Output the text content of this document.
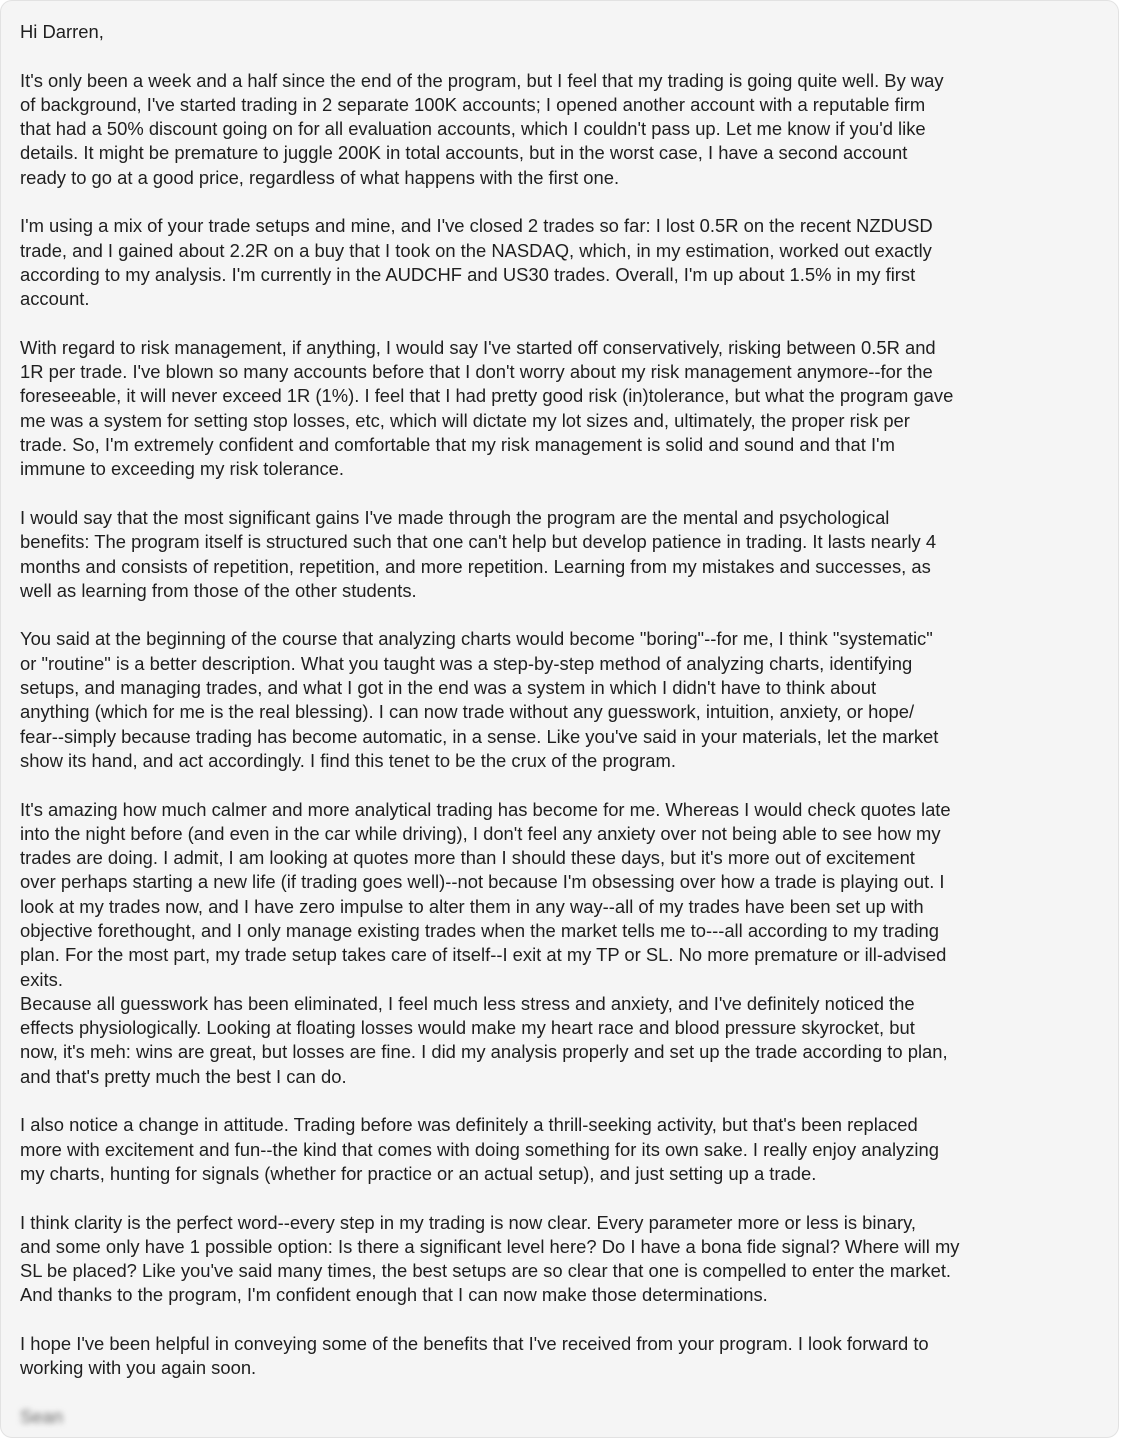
Hi Darren,
It's only been a week and a half since the end of the program, but I feel that my trading is going quite well. By way
of background, I've started trading in 2 separate 100K accounts; I opened another account with a reputable firm
that had a 50% discount going on for all evaluation accounts, which I couldn't pass up. Let me know if you'd like
details. It might be premature to juggle 200K in total accounts, but in the worst case, I have a second account
ready to go at a good price, regardless of what happens with the first one.
I'm using a mix of your trade setups and mine, and I've closed 2 trades so far: I lost 0.5R on the recent NZDUSD
trade, and I gained about 2.2R on a buy that I took on the NASDAQ, which, in my estimation, worked out exactly
according to my analysis. I'm currently in the AUDCHF and US30 trades. Overall, I'm up about 1.5% in my first
account.
With regard to risk management, if anything, I would say I've started off conservatively, risking between 0.5R and
1R per trade. I've blown so many accounts before that I don't worry about my risk management anymore--for the
foreseeable, it will never exceed 1R (1%). I feel that I had pretty good risk (in)tolerance, but what the program gave
me was a system for setting stop losses, etc, which will dictate my lot sizes and, ultimately, the proper risk per
trade. So, I'm extremely confident and comfortable that my risk management is solid and sound and that I'm
immune to exceeding my risk tolerance.
I would say that the most significant gains I've made through the program are the mental and psychological
benefits: The program itself is structured such that one can't help but develop patience in trading. It lasts nearly 4
months and consists of repetition, repetition, and more repetition. Learning from my mistakes and successes, as
well as learning from those of the other students.
You said at the beginning of the course that analyzing charts would become "boring"--for me, I think "systematic"
or "routine" is a better description. What you taught was a step-by-step method of analyzing charts, identifying
setups, and managing trades, and what I got in the end was a system in which I didn't have to think about
anything (which for me is the real blessing). I can now trade without any guesswork, intuition, anxiety, or hope/
fear--simply because trading has become automatic, in a sense. Like you've said in your materials, let the market
show its hand, and act accordingly. I find this tenet to be the crux of the program.
It's amazing how much calmer and more analytical trading has become for me. Whereas I would check quotes late
into the night before (and even in the car while driving), I don't feel any anxiety over not being able to see how my
trades are doing. I admit, I am looking at quotes more than I should these days, but it's more out of excitement
over perhaps starting a new life (if trading goes well)--not because I'm obsessing over how a trade is playing out. I
look at my trades now, and I have zero impulse to alter them in any way--all of my trades have been set up with
objective forethought, and I only manage existing trades when the market tells me to---all according to my trading
plan. For the most part, my trade setup takes care of itself--I exit at my TP or SL. No more premature or ill-advised
exits.
Because all guesswork has been eliminated, I feel much less stress and anxiety, and I've definitely noticed the
effects physiologically. Looking at floating losses would make my heart race and blood pressure skyrocket, but
now, it's meh: wins are great, but losses are fine. I did my analysis properly and set up the trade according to plan,
and that's pretty much the best I can do.
I also notice a change in attitude. Trading before was definitely a thrill-seeking activity, but that's been replaced
more with excitement and fun--the kind that comes with doing something for its own sake. I really enjoy analyzing
my charts, hunting for signals (whether for practice or an actual setup), and just setting up a trade.
I think clarity is the perfect word--every step in my trading is now clear. Every parameter more or less is binary,
and some only have 1 possible option: Is there a significant level here? Do I have a bona fide signal? Where will my
SL be placed? Like you've said many times, the best setups are so clear that one is compelled to enter the market.
And thanks to the program, I'm confident enough that I can now make those determinations.
I hope I've been helpful in conveying some of the benefits that I've received from your program. I look forward to
working with you again soon.
Sean
